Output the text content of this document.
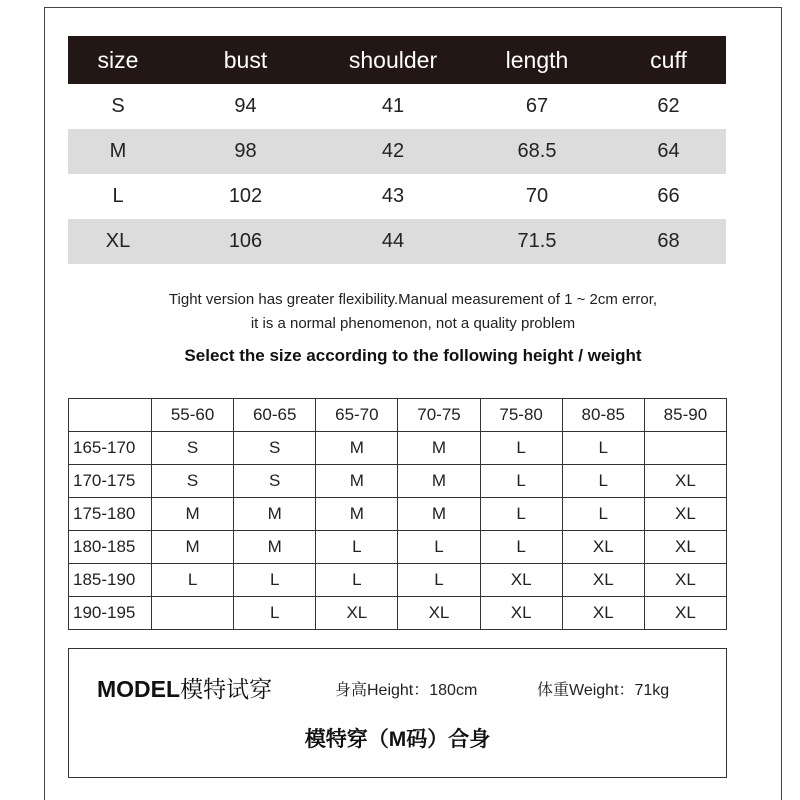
size	bust	shoulder	length	cuff
S	94	41	67	62
M	98	42	68.5	64
L	102	43	70	66
XL	106	44	71.5	68
Tight version has greater flexibility.Manual measurement of 1 ~ 2cm error,
it is a normal phenomenon, not a quality problem
Select the size according to the following height / weight
	55-60	60-65	65-70	70-75	75-80	80-85	85-90
165-170	S	S	M	M	L	L	
170-175	S	S	M	M	L	L	XL
175-180	M	M	M	M	L	L	XL
180-185	M	M	L	L	L	XL	XL
185-190	L	L	L	L	XL	XL	XL
190-195		L	XL	XL	XL	XL	XL
MODEL模特试穿	身高Height：180cm	体重Weight：71kg
模特穿（M码）合身
